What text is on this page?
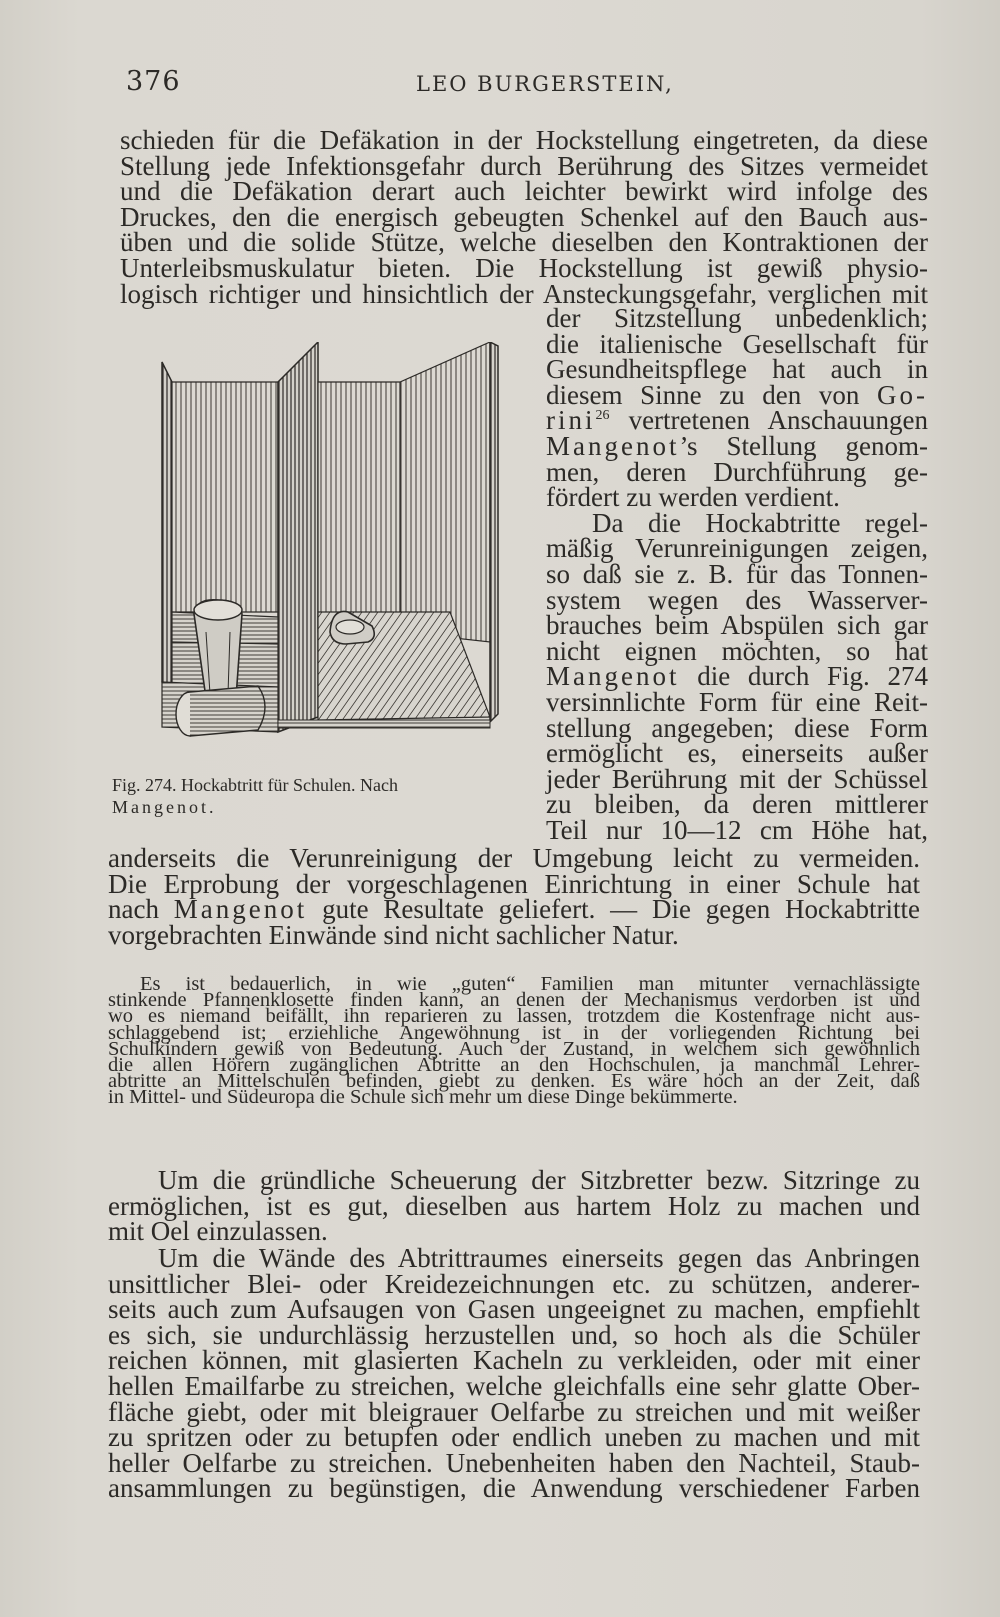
376	LEO BURGERSTEIN,
schieden für die Defäkation in der Hockstellung eingetreten, da diese
Stellung jede Infektionsgefahr durch Berührung des Sitzes vermeidet
und die Defäkation derart auch leichter bewirkt wird infolge des
Druckes, den die energisch gebeugten Schenkel auf den Bauch aus-
üben und die solide Stütze, welche dieselben den Kontraktionen der
Unterleibsmuskulatur bieten. Die Hockstellung ist gewiß physio-
logisch richtiger und hinsichtlich der Ansteckungsgefahr, verglichen mit
der Sitzstellung unbedenklich;
die italienische Gesellschaft für
Gesundheitspflege hat auch in
diesem Sinne zu den von Go-
rini$^{26}$ vertretenen Anschauungen
Mangenot’s Stellung genom-
men, deren Durchführung ge-
fördert zu werden verdient.
Da die Hockabtritte regel-
mäßig Verunreinigungen zeigen,
so daß sie z. B. für das Tonnen-
system wegen des Wasserver-
brauches beim Abspülen sich gar
nicht eignen möchten, so hat
Mangenot die durch Fig. 274
versinnlichte Form für eine Reit-
stellung angegeben; diese Form
ermöglicht es, einerseits außer
jeder Berührung mit der Schüssel
zu bleiben, da deren mittlerer
Teil nur 10—12 cm Höhe hat,
Fig. 274. Hockabtritt für Schulen. Nach
Mangenot.
anderseits die Verunreinigung der Umgebung leicht zu vermeiden.
Die Erprobung der vorgeschlagenen Einrichtung in einer Schule hat
nach Mangenot gute Resultate geliefert. — Die gegen Hockabtritte
vorgebrachten Einwände sind nicht sachlicher Natur.
Es ist bedauerlich, in wie „guten“ Familien man mitunter vernachlässigte
stinkende Pfannenklosette finden kann, an denen der Mechanismus verdorben ist und
wo es niemand beifällt, ihn reparieren zu lassen, trotzdem die Kostenfrage nicht aus-
schlaggebend ist; erziehliche Angewöhnung ist in der vorliegenden Richtung bei
Schulkindern gewiß von Bedeutung. Auch der Zustand, in welchem sich gewöhnlich
die allen Hörern zugänglichen Abtritte an den Hochschulen, ja manchmal Lehrer-
abtritte an Mittelschulen befinden, giebt zu denken. Es wäre hoch an der Zeit, daß
in Mittel- und Südeuropa die Schule sich mehr um diese Dinge bekümmerte.
Um die gründliche Scheuerung der Sitzbretter bezw. Sitzringe zu
ermöglichen, ist es gut, dieselben aus hartem Holz zu machen und
mit Oel einzulassen.
Um die Wände des Abtrittraumes einerseits gegen das Anbringen
unsittlicher Blei- oder Kreidezeichnungen etc. zu schützen, anderer-
seits auch zum Aufsaugen von Gasen ungeeignet zu machen, empfiehlt
es sich, sie undurchlässig herzustellen und, so hoch als die Schüler
reichen können, mit glasierten Kacheln zu verkleiden, oder mit einer
hellen Emailfarbe zu streichen, welche gleichfalls eine sehr glatte Ober-
fläche giebt, oder mit bleigrauer Oelfarbe zu streichen und mit weißer
zu spritzen oder zu betupfen oder endlich uneben zu machen und mit
heller Oelfarbe zu streichen. Unebenheiten haben den Nachteil, Staub-
ansammlungen zu begünstigen, die Anwendung verschiedener Farben
